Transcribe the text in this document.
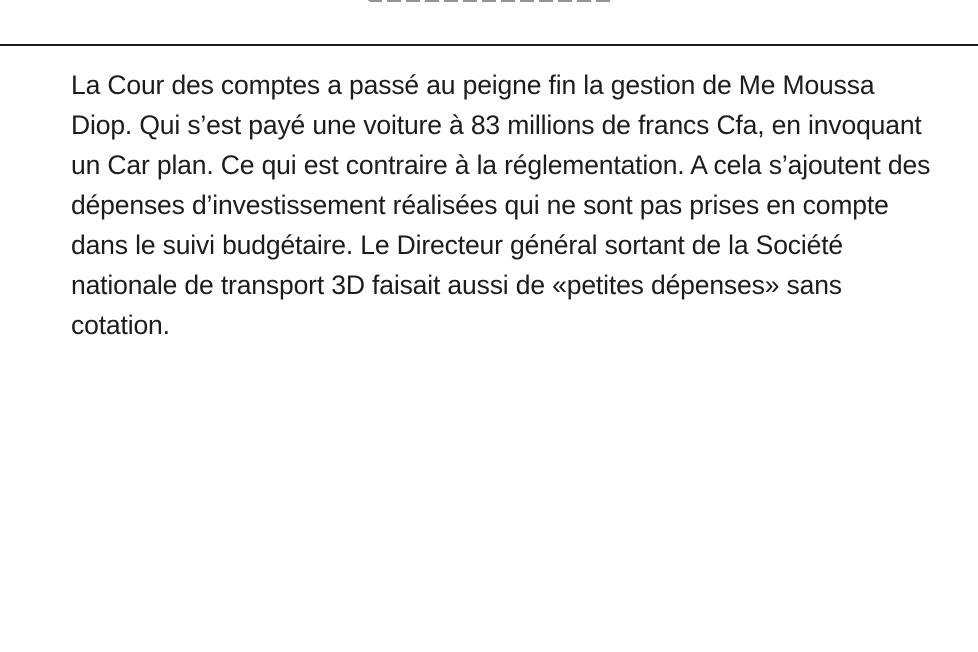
La Cour des comptes a passé au peigne fin la gestion de Me Moussa Diop. Qui s’est payé une voiture à 83 millions de francs Cfa, en invoquant un Car plan. Ce qui est contraire à la réglementation. A cela s’ajoutent des dépenses d’investissement réalisées qui ne sont pas prises en compte dans le suivi budgétaire. Le Directeur général sortant de la Société nationale de transport 3D faisait aussi de «petites dépenses» sans cotation.
